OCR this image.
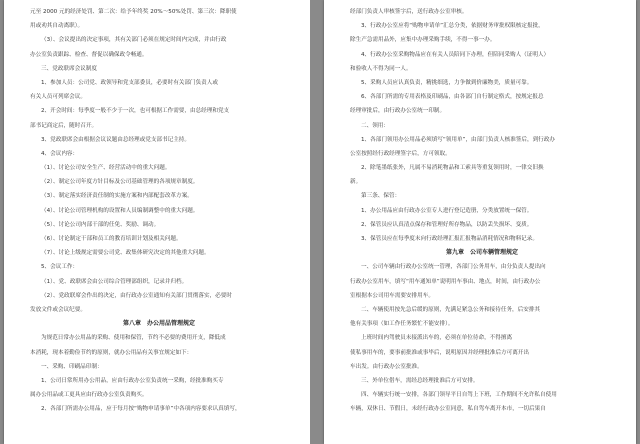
元至 2000 元的经济处罚、第二次：给予年终奖 20%～50%处罚、第三次：降职使
用或劝其自动离职）。
（3）、会议提出的决定事项，其有关部门必须在规定时间内完成，并由行政
办公室负责跟踪、检查、督促以确保政令畅通。
三、党政联席会议制度
1、参加人员：公司党、政领导和党支部委员，必要时有关部门负责人或
有关人员可列席会议。
2、开会时间：每季度一般不少于一次，也可根据工作需要，由总经理和党支
部书记商定后，随时召开。
3、党政联席会由根据会议议题由总经理或党支部书记主持。
4、会议内容：
（1）、讨论公司安全生产、经营活动中的重大问题。
（2）、制定公司年度方针目标及公司基础管理的各项规章制度。
（3）、制定落实经济责任制的实施方案和内部配套改革方案。
（4）、讨论公司管理机构的设置和人员编制调整中的重大问题。
（5）、讨论公司内部干部的任免、奖励、调动。
（6）、讨论制定干部和员工的教育培训计划及相关问题。
（7）、讨论上级规定需要公司党、政集体研究决定的其他重大问题。
5、会议工作：
（1）、党、政联席会由公司综合管理部组织，记录并归档。
（2）、党政联席会作出的决定，由行政办公室通知有关部门贯彻落实，必要时
发放文件或会议纪要。
第八章　办公用品管理规定
为规范日常办公用品的采购、使用和保管，节约不必要的费用开支，降低成
本消耗，现本着勤俭节约的原则，就办公用品有关事宜规定如下：
一、采购、印刷品印制：
1、公司日常所用办公用品，应由行政办公室负责统一采购，经批准购买专
属办公用品或工更具应由行政办公室负责购买。
2、各部门所需办公用品，应于每月按“购物申请事单”中各项内容要求认真填写，
经部门负责人审核签字后，送行政办公室审核。
3、行政办公室应将“购物申请单”汇总分类，依据财务审批权限核定报批，
除生产急需用品外，应集中办理采购手续，不得一事一办。
4、行政办公室采购物品应在有关人员陪同下办理，但陪同采购人（证明人）
和验收人不得为同一人。
5、采购人员应认真负责，精挑细选，力争做到价廉物美，质量可靠。
6、各部门所需的专用表格及印刷品，由各部门自行制定格式，按规定报总
经理审批后，由行政办公室统一印制。
二、领用：
1、各部门领用办公用品必须填写“领用单”，由部门负责人核准签后，到行政办
公室按照经行政经理签字后，方可领取。
2、除笔墨纸张外，凡属不易消耗物品和工索具等重复领用时，一律交旧换
新。
第三条、保管：
1、办公用品应由行政办公室专人进行登记造册，分类放置统一保管。
2、保管员应认真清点保存和管理好所存物品，以防丢失损坏、变质。
3、保管员应在每季度末向行政经理汇报汇报物品消耗情况和物料记录。
第九章　公司车辆管理规定
一、公司车辆由行政办公室统一管理，各部门公务用车，由分负责人提出向
行政办公室用车，填写“用车通知单”说明用车事由、地点，时间，由行政办公
室根据本公司用车需要安排用车。
二、车辆使用按先急后缓的原则，先满足紧急公务和接待任务，后安排其
他有关事项（如工作任务繁忙不能安排）。
上班时间内驾驶员未接派出车的，必须在单位待命，不得擅离
使私事用车的，要事前批准或事毕后，说明原因并经理批准后方可离开出
车出发。由行政办公室批准。
三、外单位借车，需经总经理批准后方可安排。
四、车辆实行统一安排，各部门领导平日自驾上下班，工作期间不允许私自使用
车辆，双休日、节假日，未经行政办公室同意，私自驾车离开本市，一切后果自
